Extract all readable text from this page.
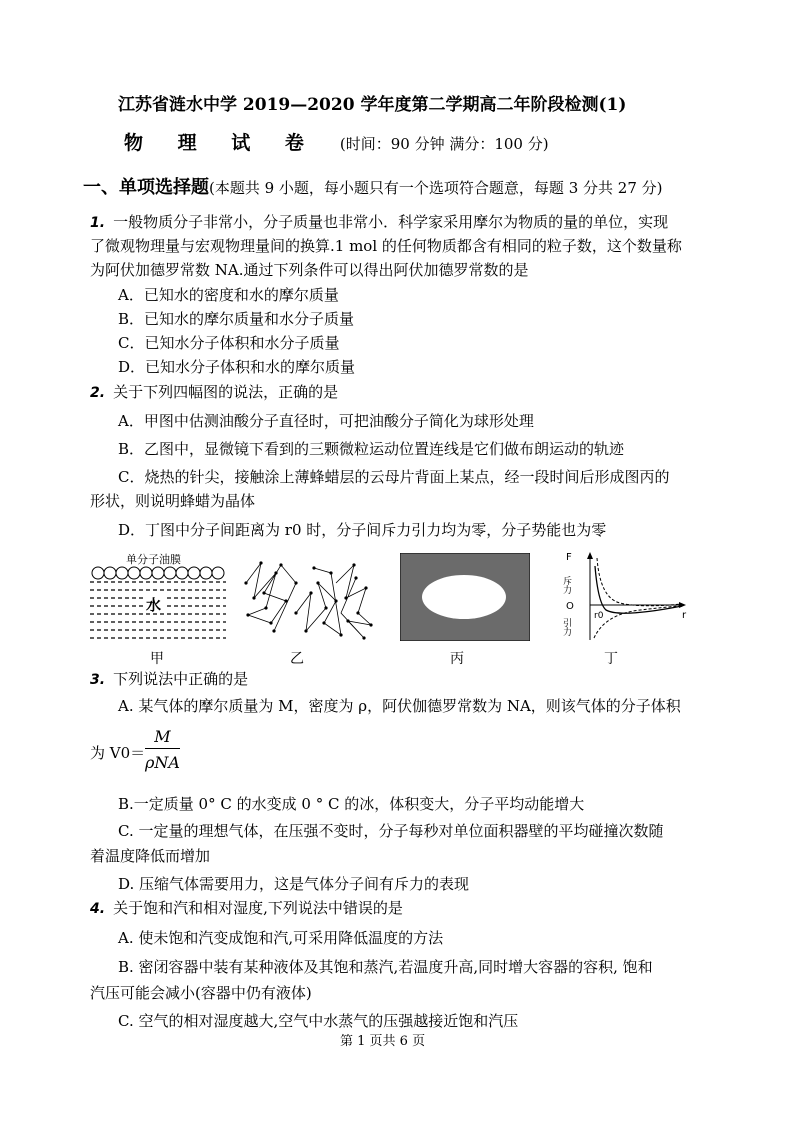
江苏省涟水中学 2019—2020 学年度第二学期高二年阶段检测(1)
物 理 试 卷 (时间：90 分钟 满分：100 分)
一、单项选择题(本题共 9 小题，每小题只有一个选项符合题意，每题 3 分共 27 分)
1. 一般物质分子非常小，分子质量也非常小．科学家采用摩尔为物质的量的单位，实现
了微观物理量与宏观物理量间的换算.1 mol 的任何物质都含有相同的粒子数，这个数量称
为阿伏加德罗常数 NA.通过下列条件可以得出阿伏加德罗常数的是
A．已知水的密度和水的摩尔质量
B．已知水的摩尔质量和水分子质量
C．已知水分子体积和水分子质量
D．已知水分子体积和水的摩尔质量
2. 关于下列四幅图的说法，正确的是
A．甲图中估测油酸分子直径时，可把油酸分子简化为球形处理
B．乙图中，显微镜下看到的三颗微粒运动位置连线是它们做布朗运动的轨迹
C．烧热的针尖，接触涂上薄蜂蜡层的云母片背面上某点，经一段时间后形成图丙的
形状，则说明蜂蜡为晶体
D．丁图中分子间距离为 r0 时，分子间斥力引力均为零，分子势能也为零
单分子油膜
水
F
斥力
O
引力
r0	r
甲	乙	丙	丁
3. 下列说法中正确的是
A. 某气体的摩尔质量为 M，密度为 ρ，阿伏伽德罗常数为 NA，则该气体的分子体积
为 V0＝
M
ρNA
B.一定质量 0° C 的水变成 0 ° C 的冰，体积变大，分子平均动能增大
C. 一定量的理想气体，在压强不变时，分子每秒对单位面积器壁的平均碰撞次数随
着温度降低而增加
D. 压缩气体需要用力，这是气体分子间有斥力的表现
4. 关于饱和汽和相对湿度,下列说法中错误的是
A. 使未饱和汽变成饱和汽,可采用降低温度的方法
B. 密闭容器中装有某种液体及其饱和蒸汽,若温度升高,同时增大容器的容积, 饱和
汽压可能会减小(容器中仍有液体)
C. 空气的相对湿度越大,空气中水蒸气的压强越接近饱和汽压
第 1 页共 6 页
